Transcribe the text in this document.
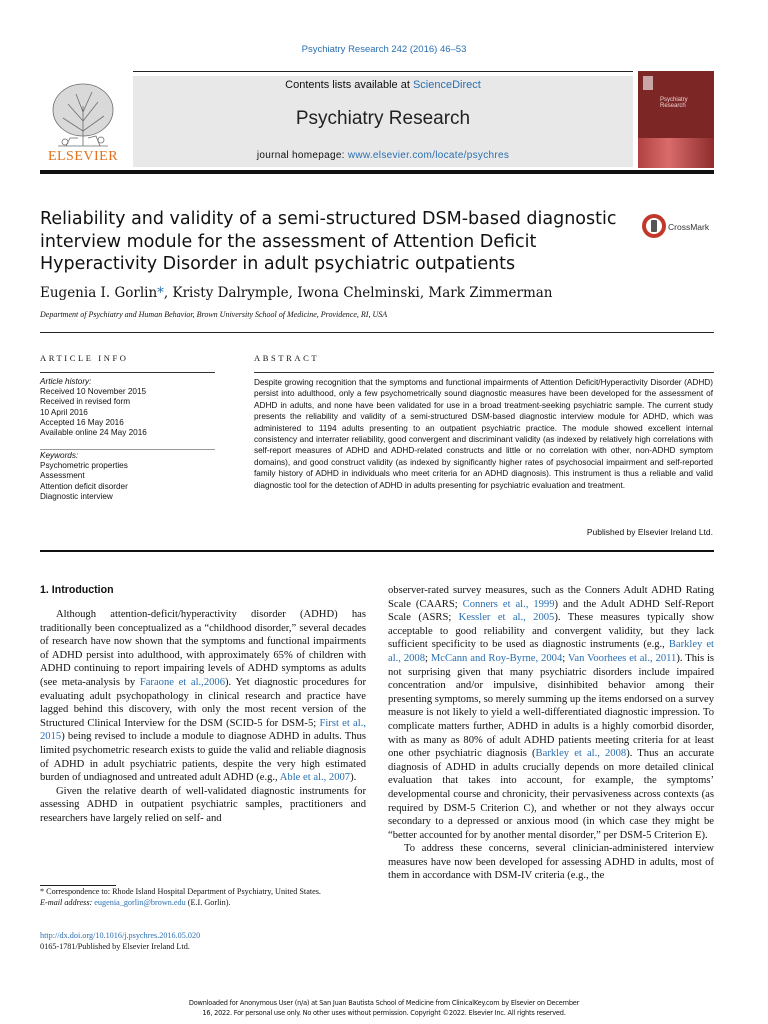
Psychiatry Research 242 (2016) 46–53
ELSEVIER
Contents lists available at ScienceDirect
Psychiatry Research
journal homepage: www.elsevier.com/locate/psychres
Psychiatry Research
Reliability and validity of a semi-structured DSM-based diagnostic interview module for the assessment of Attention Deficit Hyperactivity Disorder in adult psychiatric outpatients
CrossMark
Eugenia I. Gorlin*, Kristy Dalrymple, Iwona Chelminski, Mark Zimmerman
Department of Psychiatry and Human Behavior, Brown University School of Medicine, Providence, RI, USA
ARTICLE INFO	ABSTRACT
Article history:
Received 10 November 2015
Received in revised form
10 April 2016
Accepted 16 May 2016
Available online 24 May 2016
Keywords:
Psychometric properties
Assessment
Attention deficit disorder
Diagnostic interview
Despite growing recognition that the symptoms and functional impairments of Attention Deficit/Hyperactivity Disorder (ADHD) persist into adulthood, only a few psychometrically sound diagnostic measures have been developed for the assessment of ADHD in adults, and none have been validated for use in a broad treatment-seeking psychiatric sample. The current study presents the reliability and validity of a semi-structured DSM-based diagnostic interview module for ADHD, which was administered to 1194 adults presenting to an outpatient psychiatric practice. The module showed excellent internal consistency and interrater reliability, good convergent and discriminant validity (as indexed by relatively high correlations with self-report measures of ADHD and ADHD-related constructs and little or no correlation with other, non-ADHD symptom domains), and good construct validity (as indexed by significantly higher rates of psychosocial impairment and self-reported family history of ADHD in individuals who meet criteria for an ADHD diagnosis). This instrument is thus a reliable and valid diagnostic tool for the detection of ADHD in adults presenting for psychiatric evaluation and treatment.
Published by Elsevier Ireland Ltd.
1. Introduction

Although attention-deficit/hyperactivity disorder (ADHD) has traditionally been conceptualized as a “childhood disorder,” several decades of research have now shown that the symptoms and functional impairments of ADHD persist into adulthood, with approximately 65% of children with ADHD continuing to report impairing levels of ADHD symptoms as adults (see meta-analysis by Faraone et al.,2006). Yet diagnostic procedures for evaluating adult psychopathology in clinical research and practice have lagged behind this discovery, with only the most recent version of the Structured Clinical Interview for the DSM (SCID-5 for DSM-5; First et al., 2015) being revised to include a module to diagnose ADHD in adults. Thus limited psychometric research exists to guide the valid and reliable diagnosis of ADHD in adult psychiatric patients, despite the very high estimated burden of undiagnosed and untreated adult ADHD (e.g., Able et al., 2007).

Given the relative dearth of well-validated diagnostic instruments for assessing ADHD in outpatient psychiatric samples, practitioners and researchers have largely relied on self- and

observer-rated survey measures, such as the Conners Adult ADHD Rating Scale (CAARS; Conners et al., 1999) and the Adult ADHD Self-Report Scale (ASRS; Kessler et al., 2005). These measures typically show acceptable to good reliability and convergent validity, but they lack sufficient specificity to be used as diagnostic instruments (e.g., Barkley et al., 2008; McCann and Roy-Byrne, 2004; Van Voorhees et al., 2011). This is not surprising given that many psychiatric disorders include impaired concentration and/or impulsive, disinhibited behavior among their presenting symptoms, so merely summing up the items endorsed on a survey measure is not likely to yield a well-differentiated diagnostic impression. To complicate matters further, ADHD in adults is a highly comorbid disorder, with as many as 80% of adult ADHD patients meeting criteria for at least one other psychiatric diagnosis (Barkley et al., 2008). Thus an accurate diagnosis of ADHD in adults crucially depends on more detailed clinical evaluation that takes into account, for example, the symptoms’ developmental course and chronicity, their pervasiveness across contexts (as required by DSM-5 Criterion C), and whether or not they always occur secondary to a depressed or anxious mood (in which case they might be “better accounted for by another mental disorder,” per DSM-5 Criterion E).

To address these concerns, several clinician-administered interview measures have now been developed for assessing ADHD in adults, most of them in accordance with DSM-IV criteria (e.g., the

* Correspondence to: Rhode Island Hospital Department of Psychiatry, United States.
E-mail address: eugenia_gorlin@brown.edu (E.I. Gorlin).
http://dx.doi.org/10.1016/j.psychres.2016.05.020
0165-1781/Published by Elsevier Ireland Ltd.
Downloaded for Anonymous User (n/a) at San Juan Bautista School of Medicine from ClinicalKey.com by Elsevier on December
16, 2022. For personal use only. No other uses without permission. Copyright ©2022. Elsevier Inc. All rights reserved.
